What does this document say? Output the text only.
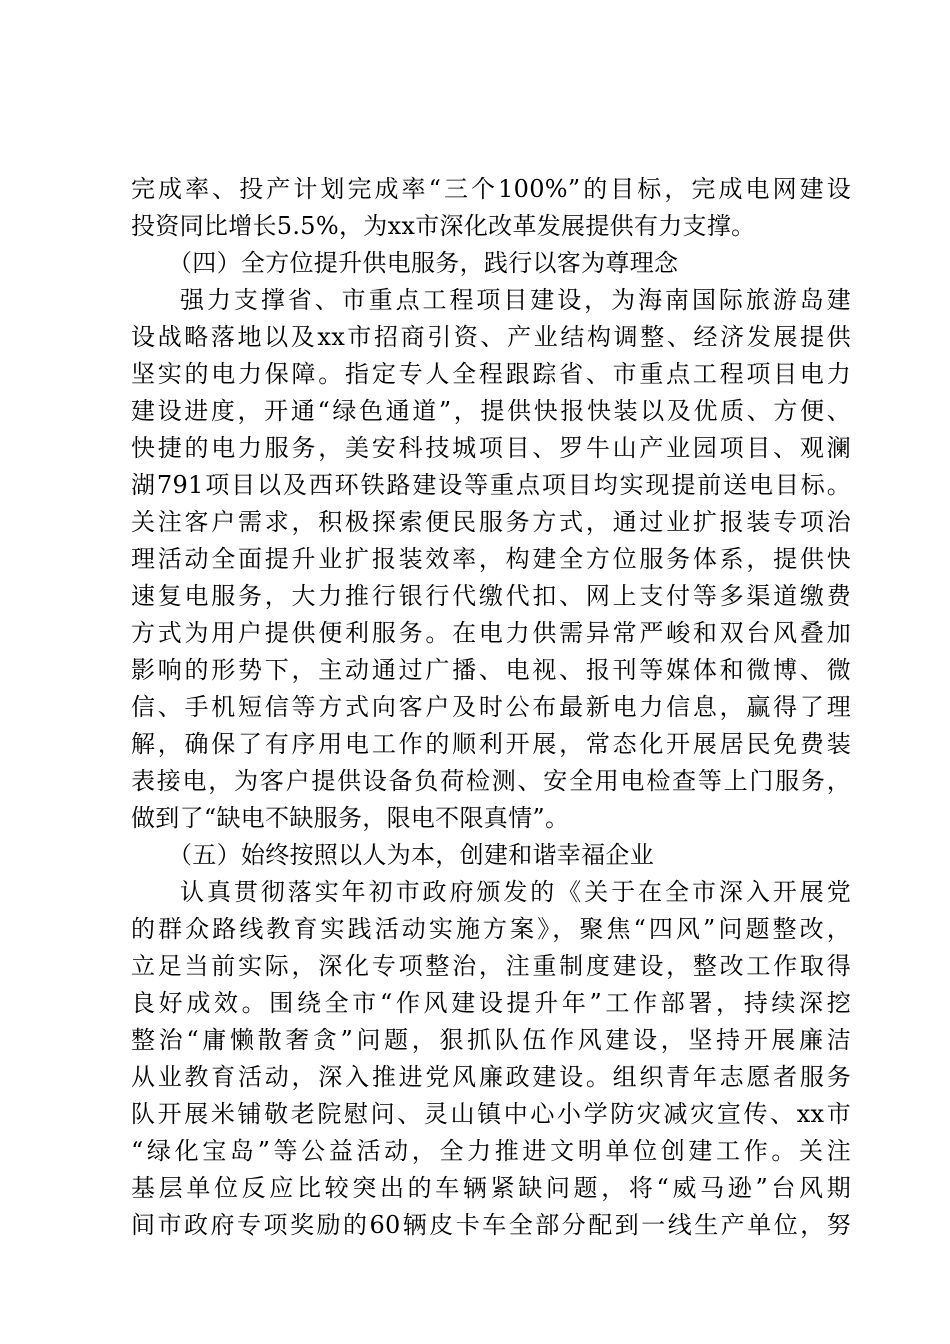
完成率、投产计划完成率“三个100%”的目标，完成电网建设
投资同比增长5.5%，为xx市深化改革发展提供有力支撑。
（四）全方位提升供电服务，践行以客为尊理念
强力支撑省、市重点工程项目建设，为海南国际旅游岛建
设战略落地以及xx市招商引资、产业结构调整、经济发展提供
坚实的电力保障。指定专人全程跟踪省、市重点工程项目电力
建设进度，开通“绿色通道”，提供快报快装以及优质、方便、
快捷的电力服务，美安科技城项目、罗牛山产业园项目、观澜
湖791项目以及西环铁路建设等重点项目均实现提前送电目标。
关注客户需求，积极探索便民服务方式，通过业扩报装专项治
理活动全面提升业扩报装效率，构建全方位服务体系，提供快
速复电服务，大力推行银行代缴代扣、网上支付等多渠道缴费
方式为用户提供便利服务。在电力供需异常严峻和双台风叠加
影响的形势下，主动通过广播、电视、报刊等媒体和微博、微
信、手机短信等方式向客户及时公布最新电力信息，赢得了理
解，确保了有序用电工作的顺利开展，常态化开展居民免费装
表接电，为客户提供设备负荷检测、安全用电检查等上门服务，
做到了“缺电不缺服务，限电不限真情”。
（五）始终按照以人为本，创建和谐幸福企业
认真贯彻落实年初市政府颁发的《关于在全市深入开展党
的群众路线教育实践活动实施方案》，聚焦“四风”问题整改，
立足当前实际，深化专项整治，注重制度建设，整改工作取得
良好成效。围绕全市“作风建设提升年”工作部署，持续深挖
整治“庸懒散奢贪”问题，狠抓队伍作风建设，坚持开展廉洁
从业教育活动，深入推进党风廉政建设。组织青年志愿者服务
队开展米铺敬老院慰问、灵山镇中心小学防灾减灾宣传、xx市
“绿化宝岛”等公益活动，全力推进文明单位创建工作。关注
基层单位反应比较突出的车辆紧缺问题，将“威马逊”台风期
间市政府专项奖励的60辆皮卡车全部分配到一线生产单位，努
